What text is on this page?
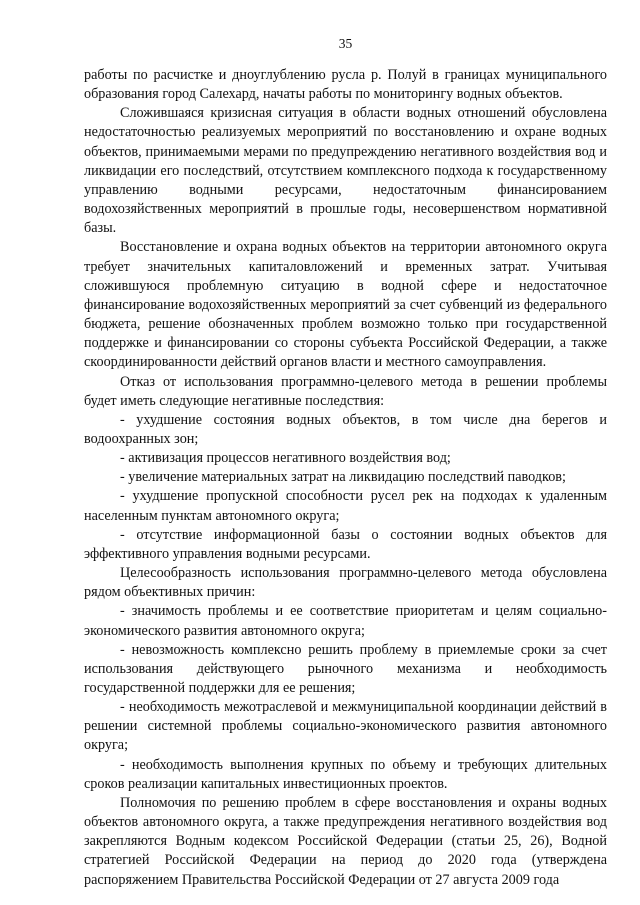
35

работы по расчистке и дноуглублению русла р. Полуй в границах муниципального образования город Салехард, начаты работы по мониторингу водных объектов.

Сложившаяся кризисная ситуация в области водных отношений обусловлена недостаточностью реализуемых мероприятий по восстановлению и охране водных объектов, принимаемыми мерами по предупреждению негативного воздействия вод и ликвидации его последствий, отсутствием комплексного подхода к государственному управлению водными ресурсами, недостаточным финансированием водохозяйственных мероприятий в прошлые годы, несовершенством нормативной базы.

Восстановление и охрана водных объектов на территории автономного округа требует значительных капиталовложений и временных затрат. Учитывая сложившуюся проблемную ситуацию в водной сфере и недостаточное финансирование водохозяйственных мероприятий за счет субвенций из федерального бюджета, решение обозначенных проблем возможно только при государственной поддержке и финансировании со стороны субъекта Российской Федерации, а также скоординированности действий органов власти и местного самоуправления.

Отказ от использования программно-целевого метода в решении проблемы будет иметь следующие негативные последствия:

- ухудшение состояния водных объектов, в том числе дна берегов и водоохранных зон;

- активизация процессов негативного воздействия вод;

- увеличение материальных затрат на ликвидацию последствий паводков;

- ухудшение пропускной способности русел рек на подходах к удаленным населенным пунктам автономного округа;

- отсутствие информационной базы о состоянии водных объектов для эффективного управления водными ресурсами.

Целесообразность использования программно-целевого метода обусловлена рядом объективных причин:

- значимость проблемы и ее соответствие приоритетам и целям социально-экономического развития автономного округа;

- невозможность комплексно решить проблему в приемлемые сроки за счет использования действующего рыночного механизма и необходимость государственной поддержки для ее решения;

- необходимость межотраслевой и межмуниципальной координации действий в решении системной проблемы социально-экономического развития автономного округа;

- необходимость выполнения крупных по объему и требующих длительных сроков реализации капитальных инвестиционных проектов.

Полномочия по решению проблем в сфере восстановления и охраны водных объектов автономного округа, а также предупреждения негативного воздействия вод закрепляются Водным кодексом Российской Федерации (статьи 25, 26), Водной стратегией Российской Федерации на период до 2020 года (утверждена распоряжением Правительства Российской Федерации от 27 августа 2009 года
